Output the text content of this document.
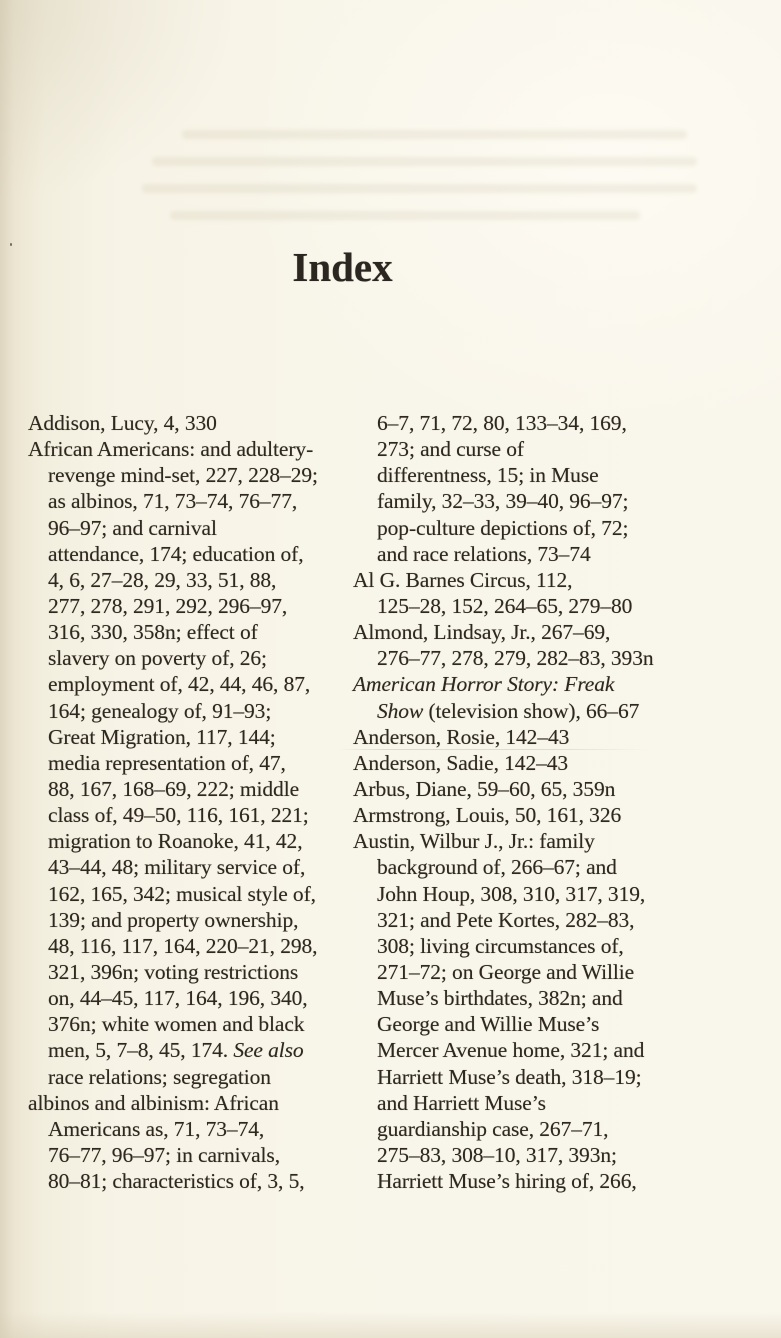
Index
Addison, Lucy, 4, 330
African Americans: and adultery-
revenge mind-set, 227, 228–29;
as albinos, 71, 73–74, 76–77,
96–97; and carnival
attendance, 174; education of,
4, 6, 27–28, 29, 33, 51, 88,
277, 278, 291, 292, 296–97,
316, 330, 358n; effect of
slavery on poverty of, 26;
employment of, 42, 44, 46, 87,
164; genealogy of, 91–93;
Great Migration, 117, 144;
media representation of, 47,
88, 167, 168–69, 222; middle
class of, 49–50, 116, 161, 221;
migration to Roanoke, 41, 42,
43–44, 48; military service of,
162, 165, 342; musical style of,
139; and property ownership,
48, 116, 117, 164, 220–21, 298,
321, 396n; voting restrictions
on, 44–45, 117, 164, 196, 340,
376n; white women and black
men, 5, 7–8, 45, 174. See also
race relations; segregation
albinos and albinism: African
Americans as, 71, 73–74,
76–77, 96–97; in carnivals,
80–81; characteristics of, 3, 5,
6–7, 71, 72, 80, 133–34, 169,
273; and curse of
differentness, 15; in Muse
family, 32–33, 39–40, 96–97;
pop-culture depictions of, 72;
and race relations, 73–74
Al G. Barnes Circus, 112,
125–28, 152, 264–65, 279–80
Almond, Lindsay, Jr., 267–69,
276–77, 278, 279, 282–83, 393n
American Horror Story: Freak
Show (television show), 66–67
Anderson, Rosie, 142–43
Anderson, Sadie, 142–43
Arbus, Diane, 59–60, 65, 359n
Armstrong, Louis, 50, 161, 326
Austin, Wilbur J., Jr.: family
background of, 266–67; and
John Houp, 308, 310, 317, 319,
321; and Pete Kortes, 282–83,
308; living circumstances of,
271–72; on George and Willie
Muse’s birthdates, 382n; and
George and Willie Muse’s
Mercer Avenue home, 321; and
Harriett Muse’s death, 318–19;
and Harriett Muse’s
guardianship case, 267–71,
275–83, 308–10, 317, 393n;
Harriett Muse’s hiring of, 266,
